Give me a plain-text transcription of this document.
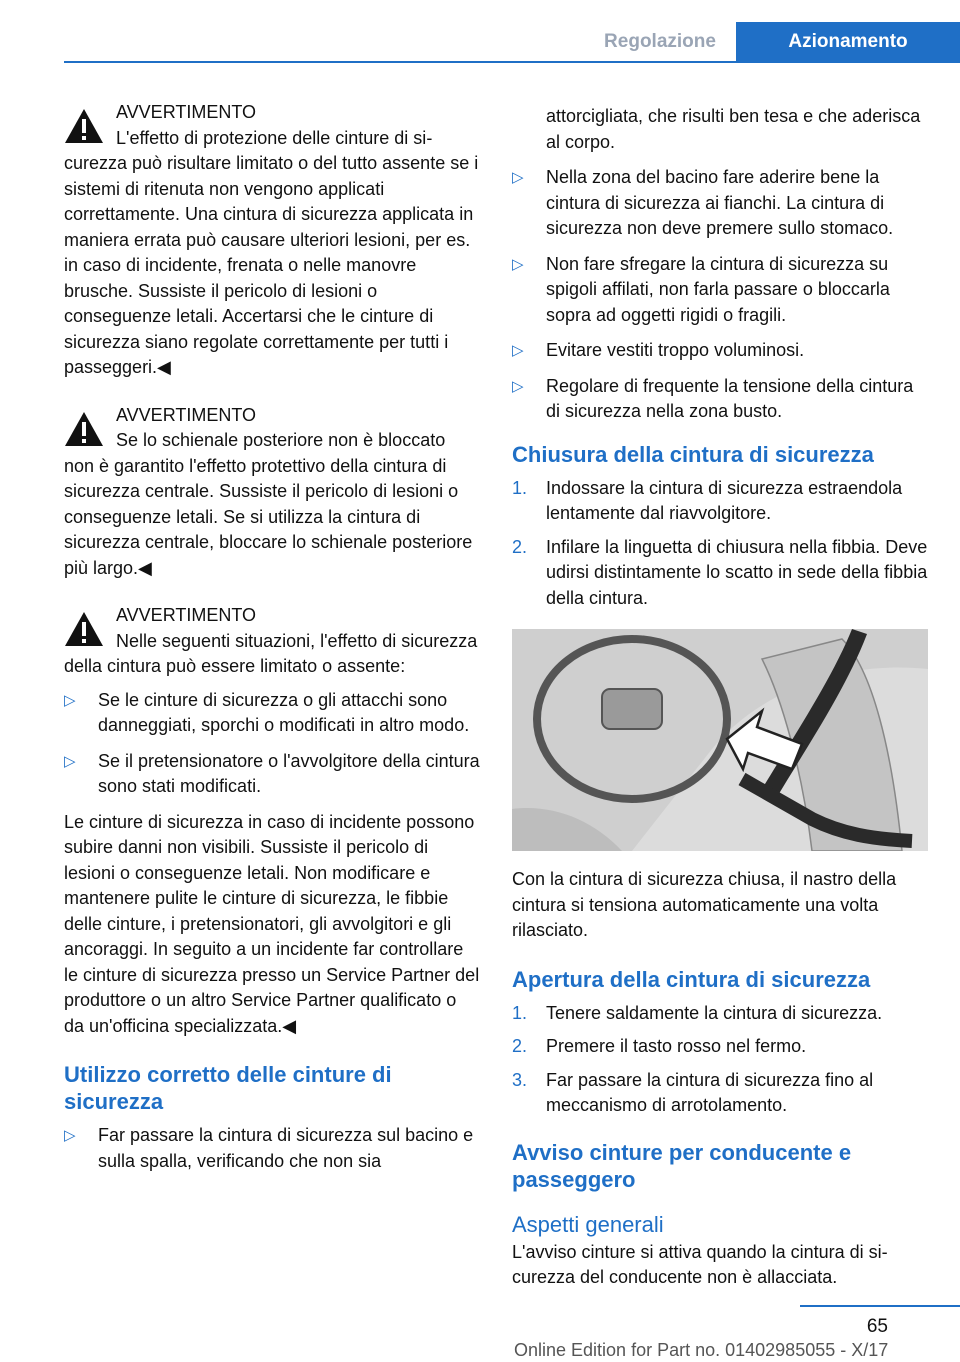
Regolazione	Azionamento
AVVERTIMENTO
L'effetto di protezione delle cinture di sicurezza può risultare limitato o del tutto assente se i sistemi di ritenuta non vengono applicati correttamente. Una cintura di sicurezza applicata in maniera errata può causare ulteriori lesioni, per es. in caso di incidente, frenata o nelle manovre brusche. Sussiste il pericolo di lesioni o conseguenze letali. Accertarsi che le cinture di sicurezza siano regolate correttamente per tutti i passeggeri.◀
AVVERTIMENTO
Se lo schienale posteriore non è bloccato non è garantito l'effetto protettivo della cintura di sicurezza centrale. Sussiste il pericolo di lesioni o conseguenze letali. Se si utilizza la cintura di sicurezza centrale, bloccare lo schienale posteriore più largo.◀
AVVERTIMENTO
Nelle seguenti situazioni, l'effetto di sicurezza della cintura può essere limitato o assente:
▷ Se le cinture di sicurezza o gli attacchi sono danneggiati, sporchi o modificati in altro modo.
▷ Se il pretensionatore o l'avvolgitore della cintura sono stati modificati.

Le cinture di sicurezza in caso di incidente possono subire danni non visibili. Sussiste il pericolo di lesioni o conseguenze letali. Non modificare e mantenere pulite le cinture di sicurezza, le fibbie delle cinture, i pretensionatori, gli avvolgitori e gli ancoraggi. In seguito a un incidente far controllare le cinture di sicurezza presso un Service Partner del produttore o un altro Service Partner qualificato o da un'officina specializzata.◀

Utilizzo corretto delle cinture di sicurezza
▷ Far passare la cintura di sicurezza sul bacino e sulla spalla, verificando che non sia

attorcigliata, che risulti ben tesa e che aderisca al corpo.

▷ Nella zona del bacino fare aderire bene la cintura di sicurezza ai fianchi. La cintura di sicurezza non deve premere sullo stomaco.
▷ Non fare sfregare la cintura di sicurezza su spigoli affilati, non farla passare o bloccarla sopra ad oggetti rigidi o fragili.
▷ Evitare vestiti troppo voluminosi.
▷ Regolare di frequente la tensione della cintura di sicurezza nella zona busto.
Chiusura della cintura di sicurezza
1. Indossare la cintura di sicurezza estraendola lentamente dal riavvolgitore.
2. Infilare la linguetta di chiusura nella fibbia. Deve udirsi distintamente lo scatto in sede della fibbia della cintura.

Con la cintura di sicurezza chiusa, il nastro della cintura si tensiona automaticamente una volta rilasciato.

Apertura della cintura di sicurezza
1. Tenere saldamente la cintura di sicurezza.
2. Premere il tasto rosso nel fermo.
3. Far passare la cintura di sicurezza fino al meccanismo di arrotolamento.
Avviso cinture per conducente e passeggero
Aspetti generali

L'avviso cinture si attiva quando la cintura di sicurezza del conducente non è allacciata.

65
Online Edition for Part no. 01402985055 - X/17
